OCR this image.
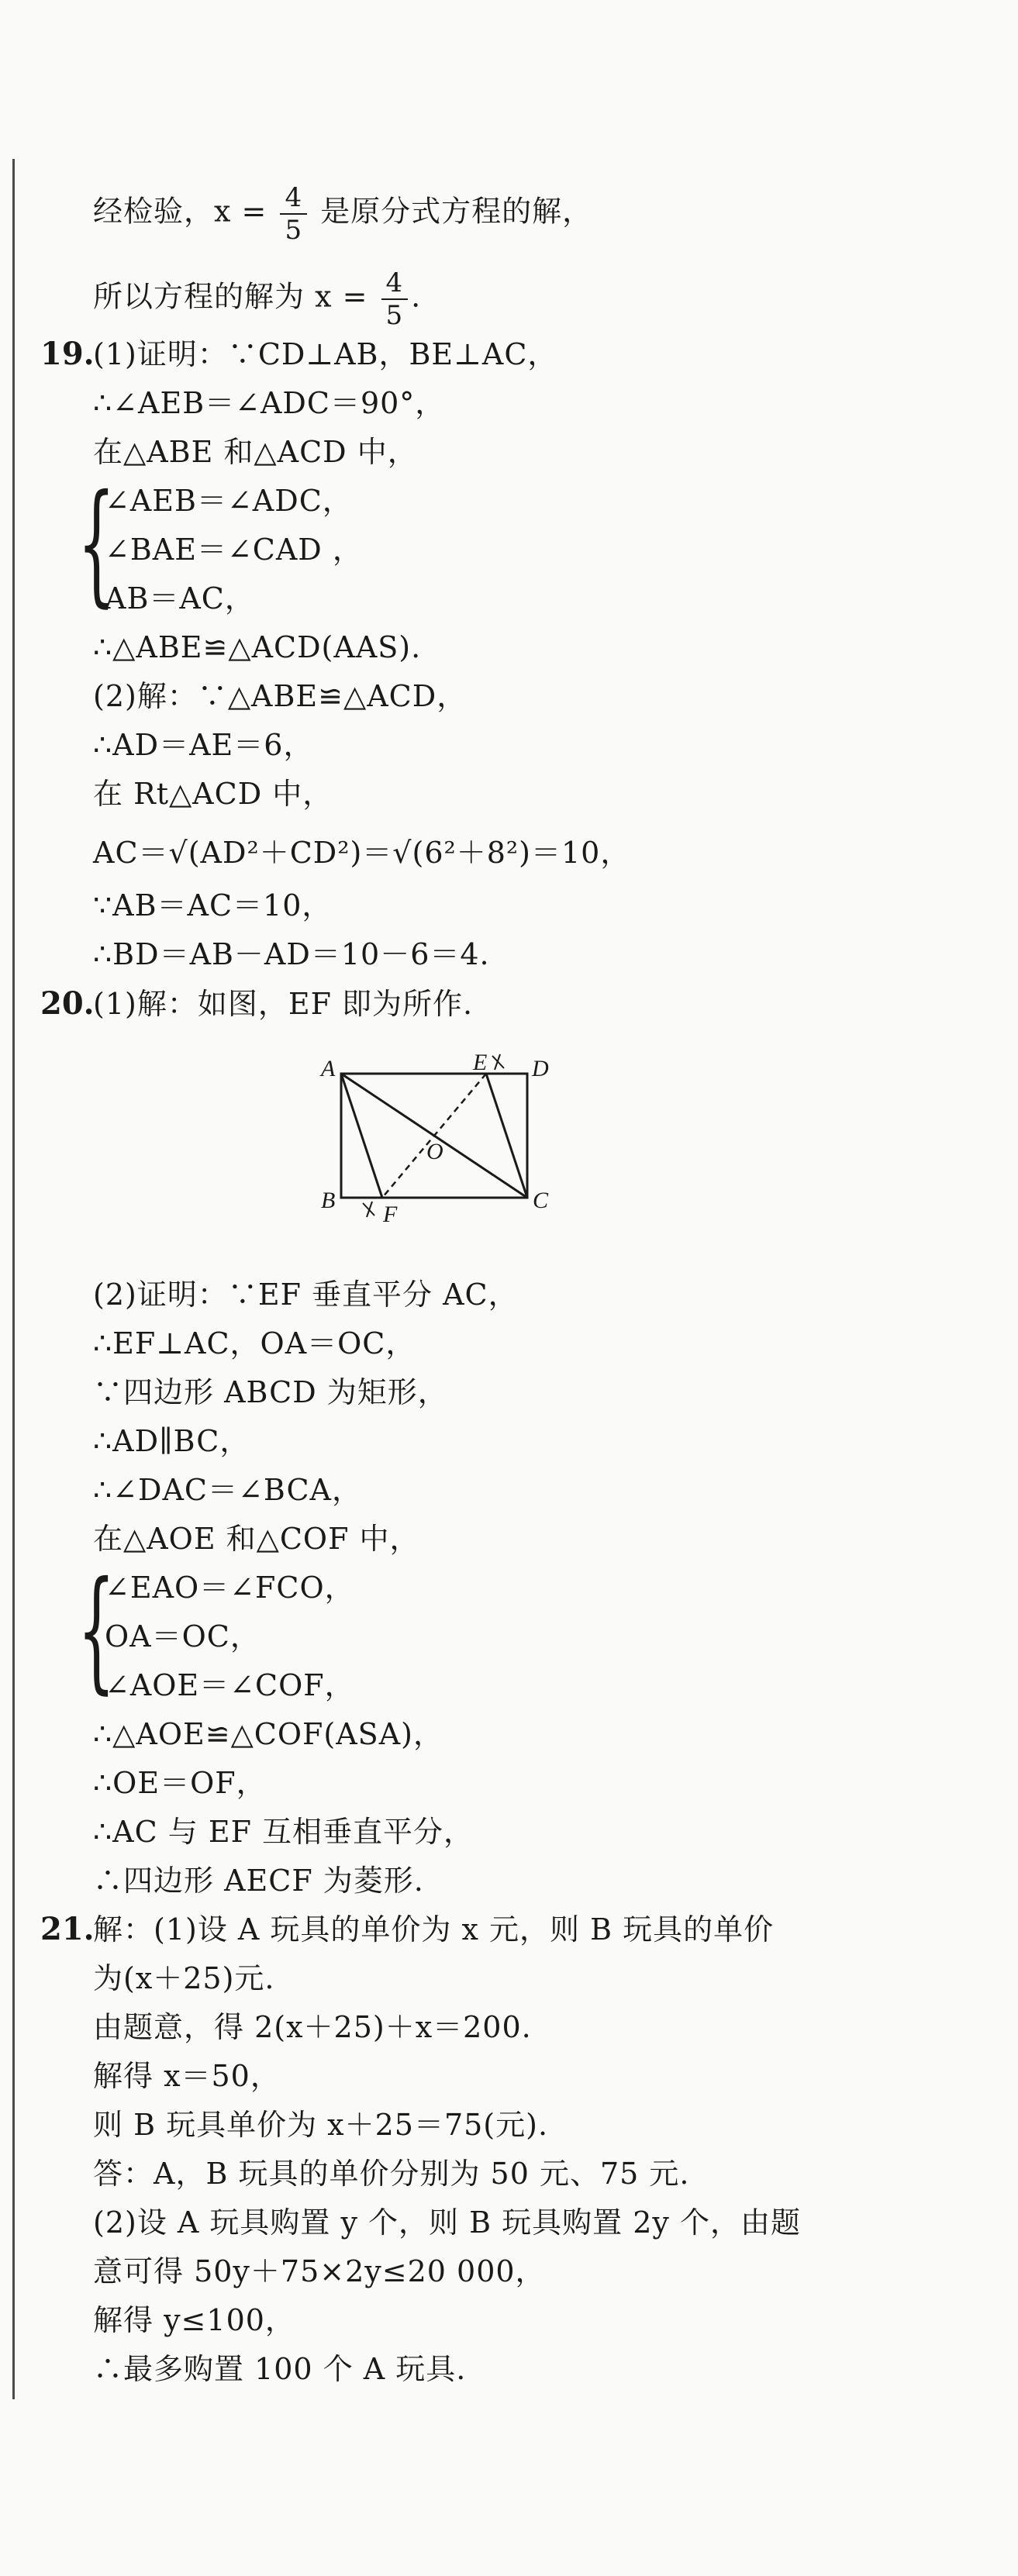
经检验，$x = \frac{4}{5}$ 是原分式方程的解，
所以方程的解为 $x = \frac{4}{5}$ .
19.
(1)证明：∵CD⊥AB，BE⊥AC，
∴∠AEB＝∠ADC＝90°，
在△ABE 和△ACD 中，
{
∠AEB＝∠ADC，
∠BAE＝∠CAD ，
AB＝AC，
∴△ABE≌△ACD(AAS).
(2)解：∵△ABE≌△ACD，
∴AD＝AE＝6，
在 Rt△ACD 中，
AC＝√(AD²＋CD²)＝√(6²＋8²)＝10，
∵AB＝AC＝10，
∴BD＝AB－AD＝10－6＝4.
20.
(1)解：如图，EF 即为所作.
A	D
E
B	C
F
O
(2)证明：∵EF 垂直平分 AC，
∴EF⊥AC，OA＝OC，
∵四边形 ABCD 为矩形，
∴AD∥BC，
∴∠DAC＝∠BCA，
在△AOE 和△COF 中，
{
∠EAO＝∠FCO，
OA＝OC，
∠AOE＝∠COF，
∴△AOE≌△COF(ASA)，
∴OE＝OF，
∴AC 与 EF 互相垂直平分，
∴四边形 AECF 为菱形.
21.
解：(1)设 A 玩具的单价为 x 元，则 B 玩具的单价
为(x＋25)元.
由题意，得 2(x＋25)＋x＝200.
解得 x＝50，
则 B 玩具单价为 x＋25＝75(元).
答：A，B 玩具的单价分别为 50 元、75 元.
(2)设 A 玩具购置 y 个，则 B 玩具购置 2y 个，由题
意可得 50y＋75×2y≤20 000，
解得 y≤100，
∴最多购置 100 个 A 玩具.
